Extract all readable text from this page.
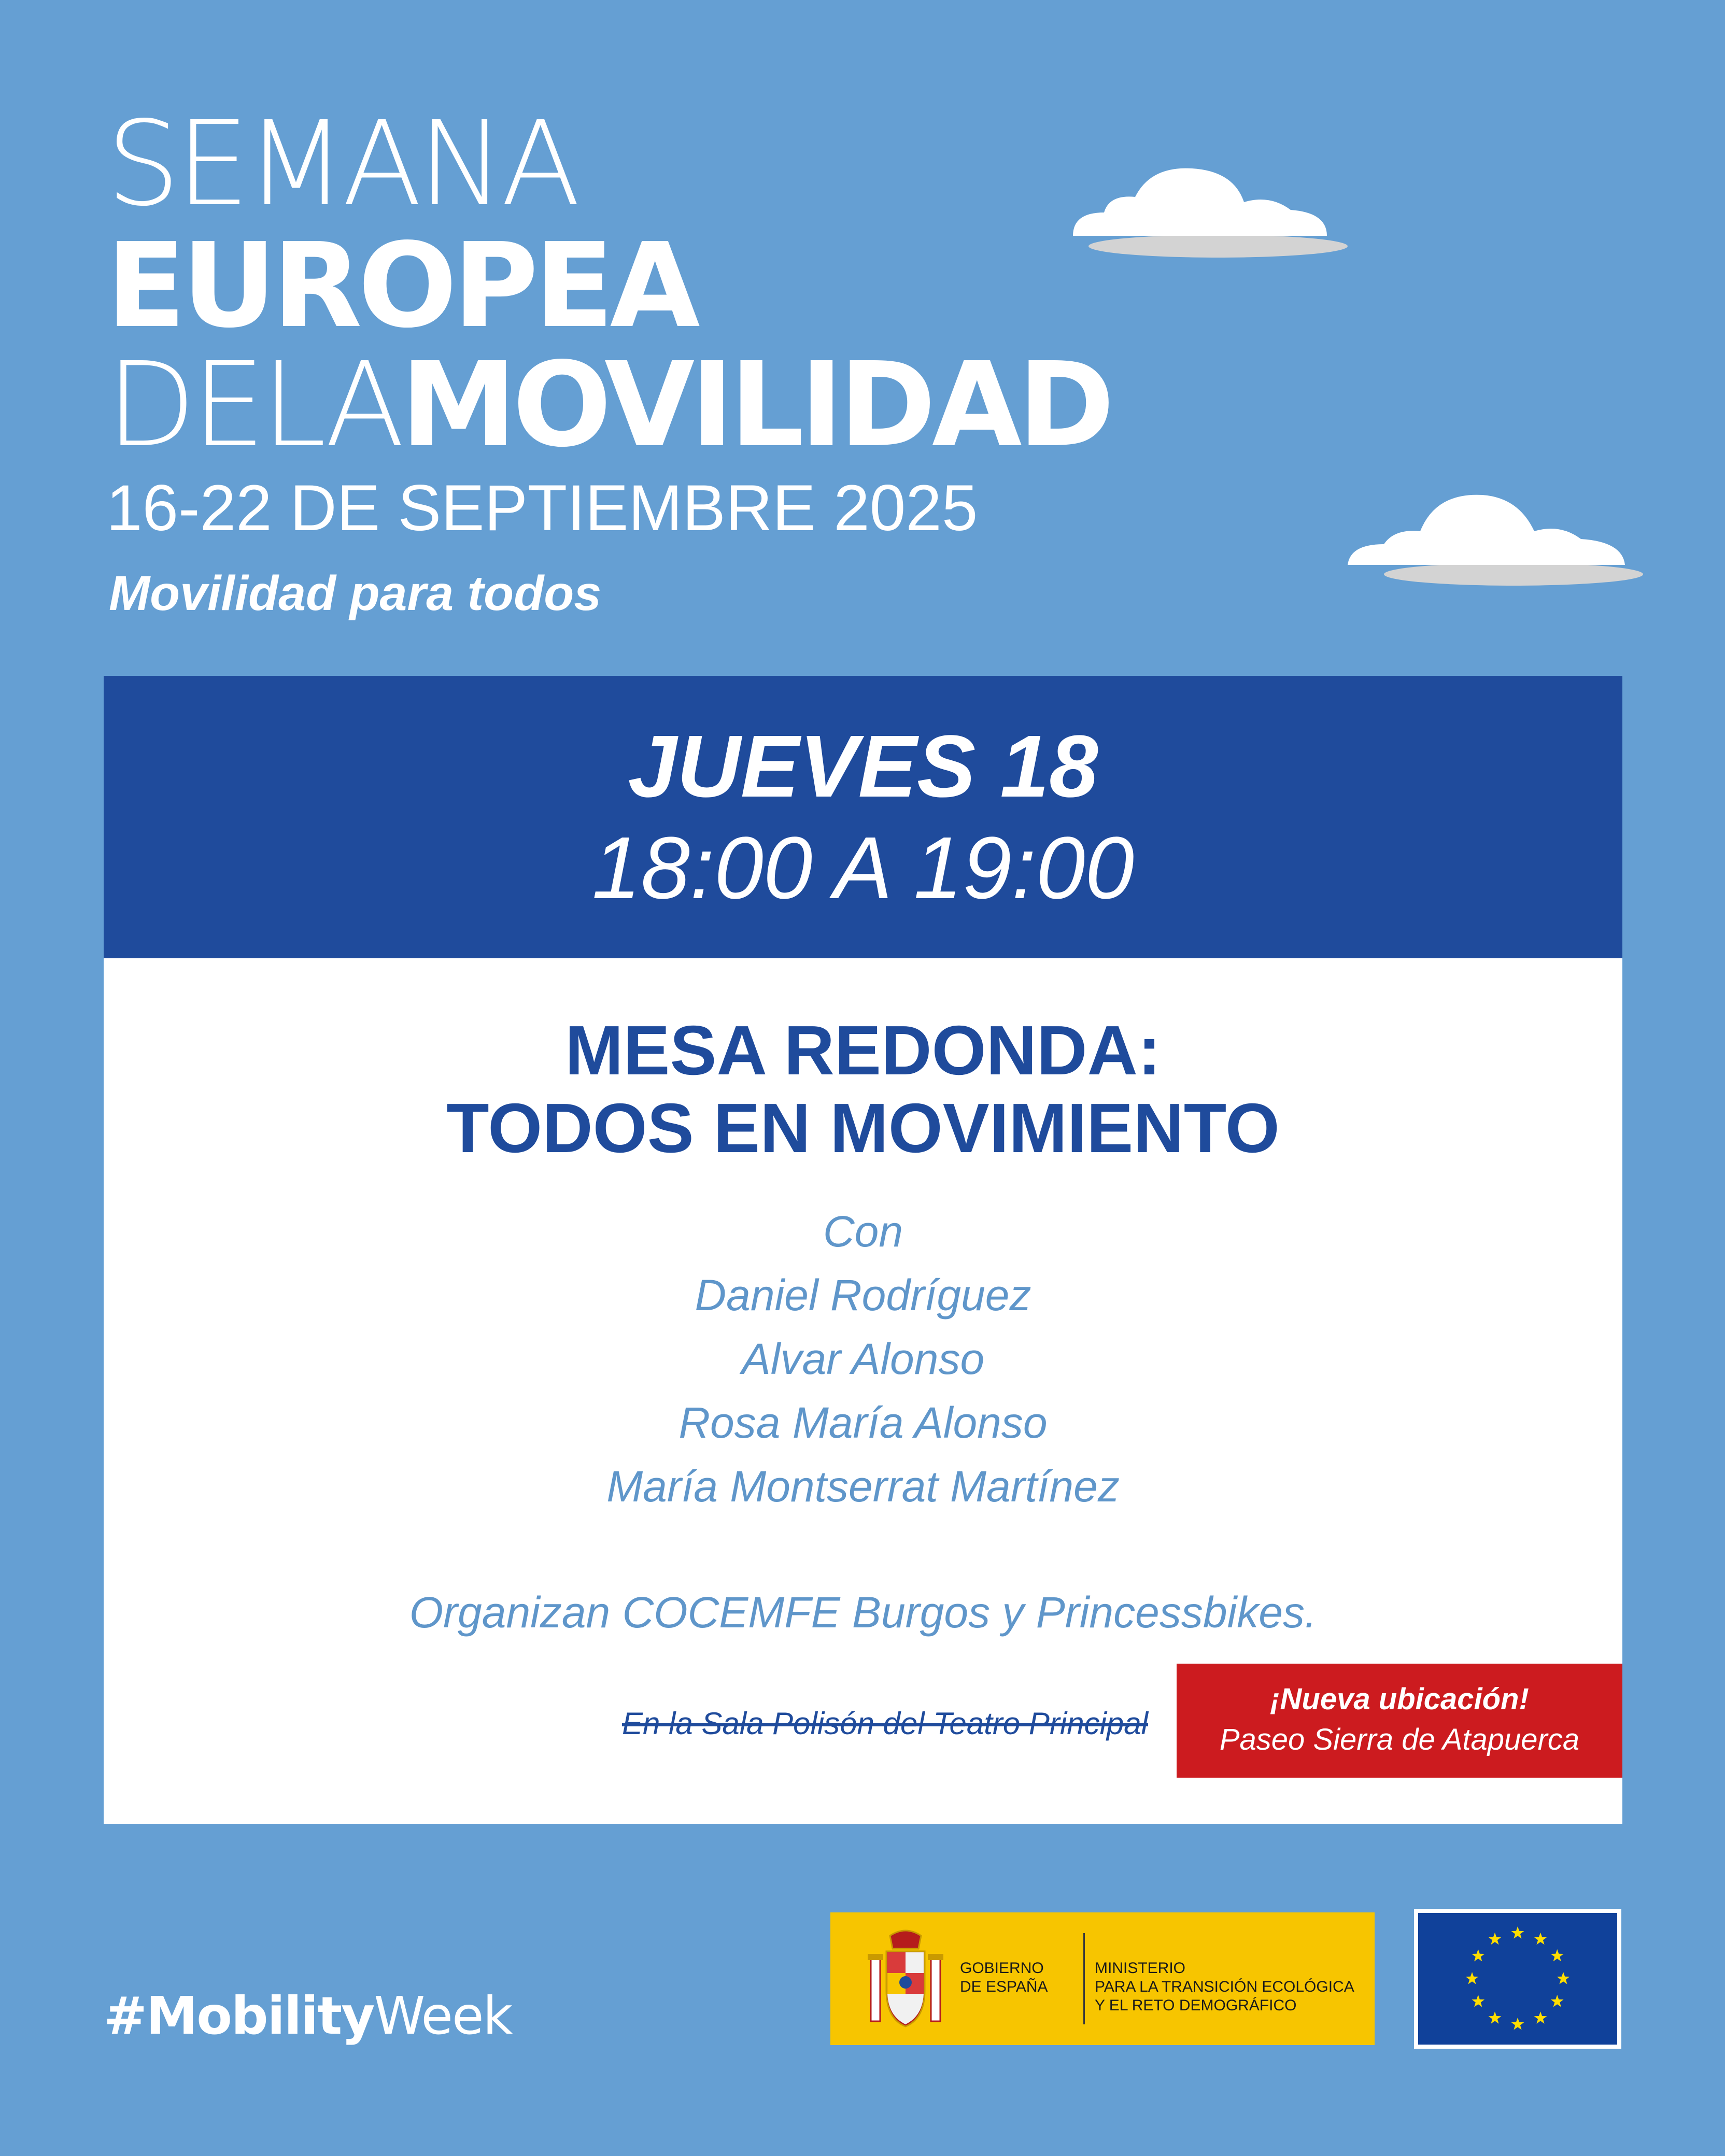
SEMANA
EUROPEA
DELAMOVILIDAD
16-22 DE SEPTIEMBRE 2025
Movilidad para todos
JUEVES 18
18:00 A 19:00
MESA REDONDA:
TODOS EN MOVIMIENTO
Con
Daniel Rodríguez
Alvar Alonso
Rosa María Alonso
María Montserrat Martínez
Organizan COCEMFE Burgos y Princessbikes.
En la Sala Polisón del Teatro Principal
¡Nueva ubicación!
Paseo Sierra de Atapuerca
#MobilityWeek
GOBIERNO
DE ESPAÑA
MINISTERIO
PARA LA TRANSICIÓN ECOLÓGICA
Y EL RETO DEMOGRÁFICO
